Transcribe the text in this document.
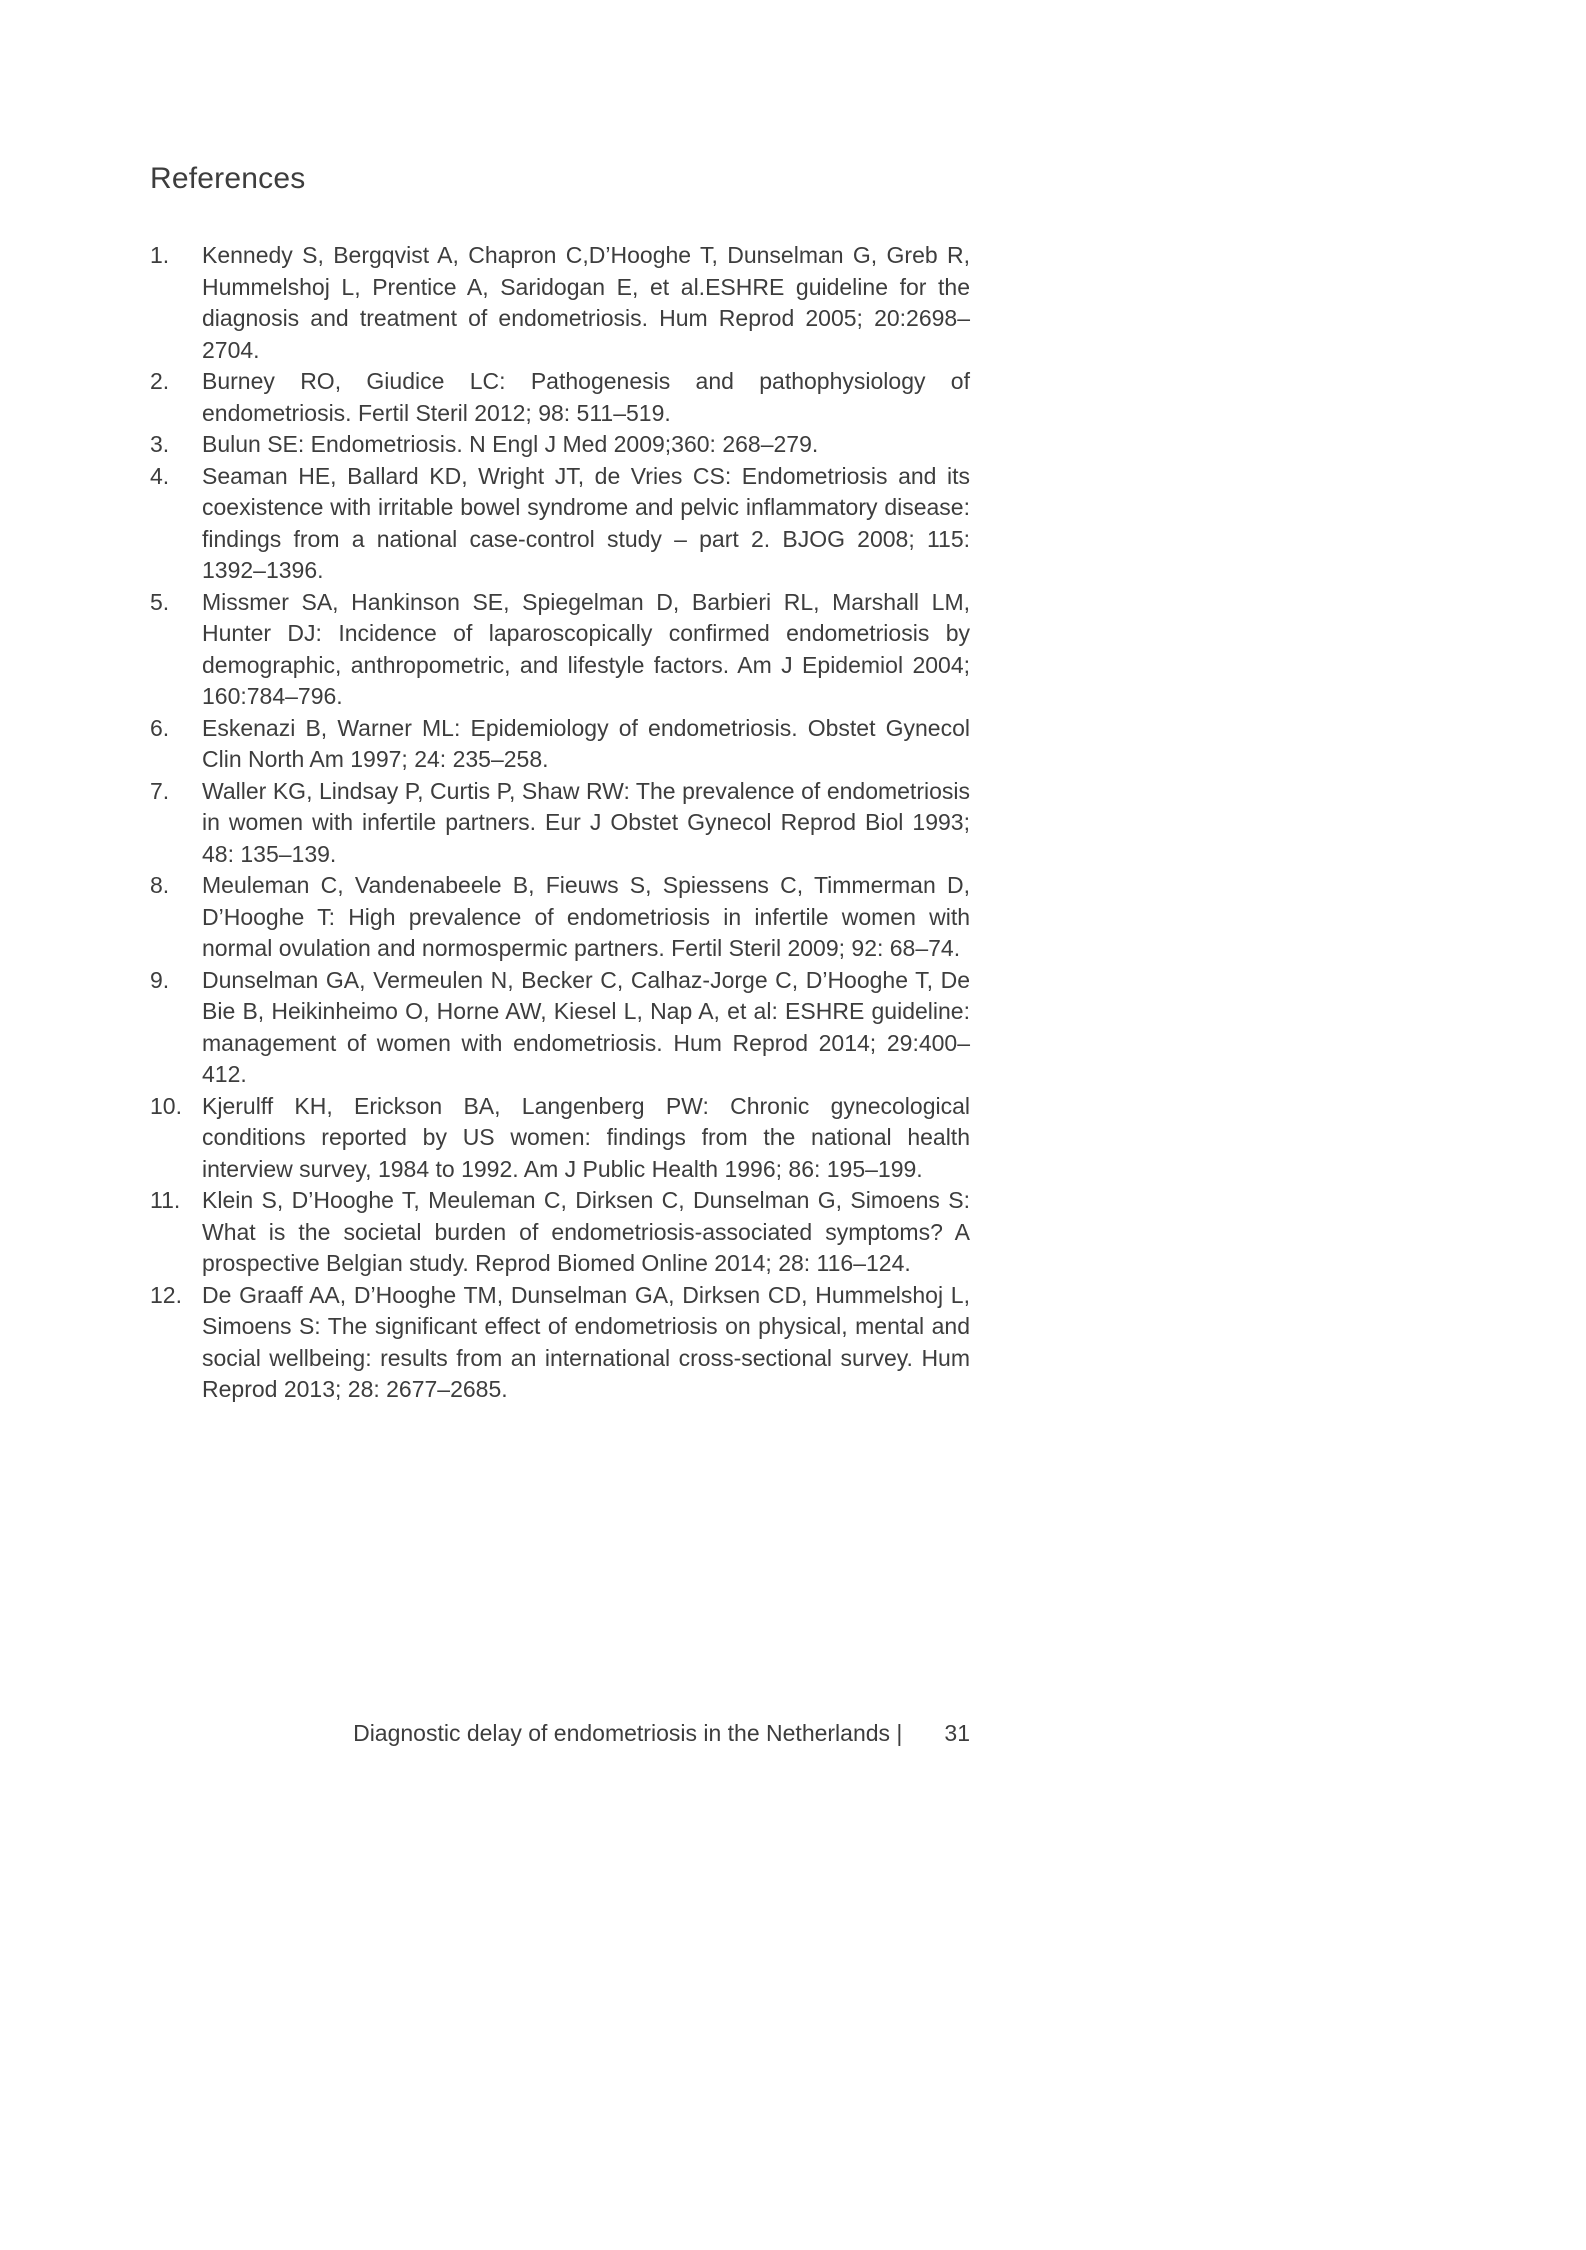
References
1.	Kennedy S, Bergqvist A, Chapron C,D’Hooghe T, Dunselman G, Greb R, Hummelshoj L, Prentice A, Saridogan E, et al.ESHRE guideline for the diagnosis and treatment of endometriosis. Hum Reprod 2005; 20:2698–2704.
2.	Burney RO, Giudice LC: Pathogenesis and pathophysiology of endometriosis. Fertil Steril 2012; 98: 511–519.
3.	Bulun SE: Endometriosis. N Engl J Med 2009;360: 268–279.
4.	Seaman HE, Ballard KD, Wright JT, de Vries CS: Endometriosis and its coexistence with irritable bowel syndrome and pelvic inflammatory disease: findings from a national case-control study – part 2. BJOG 2008; 115: 1392–1396.
5.	Missmer SA, Hankinson SE, Spiegelman D, Barbieri RL, Marshall LM, Hunter DJ: Incidence of laparoscopically confirmed endometriosis by demographic, anthropometric, and lifestyle factors. Am J Epidemiol 2004; 160:784–796.
6.	Eskenazi B, Warner ML: Epidemiology of endometriosis. Obstet Gynecol Clin North Am 1997; 24: 235–258.
7.	Waller KG, Lindsay P, Curtis P, Shaw RW: The prevalence of endometriosis in women with infertile partners. Eur J Obstet Gynecol Reprod Biol 1993; 48: 135–139.
8.	Meuleman C, Vandenabeele B, Fieuws S, Spiessens C, Timmerman D, D’Hooghe T: High prevalence of endometriosis in infertile women with normal ovulation and normospermic partners. Fertil Steril 2009; 92: 68–74.
9.	Dunselman GA, Vermeulen N, Becker C, Calhaz-Jorge C, D’Hooghe T, De Bie B, Heikinheimo O, Horne AW, Kiesel L, Nap A, et al: ESHRE guideline: management of women with endometriosis. Hum Reprod 2014; 29:400–412.
10. Kjerulff KH, Erickson BA, Langenberg PW: Chronic gynecological conditions reported by US women: findings from the national health interview survey, 1984 to 1992. Am J Public Health 1996; 86: 195–199.
11. Klein S, D’Hooghe T, Meuleman C, Dirksen C, Dunselman G, Simoens S: What is the societal burden of endometriosis-associated symptoms? A prospective Belgian study. Reprod Biomed Online 2014; 28: 116–124.
12. De Graaff AA, D’Hooghe TM, Dunselman GA, Dirksen CD, Hummelshoj L, Simoens S: The significant effect of endometriosis on physical, mental and social wellbeing: results from an international cross-sectional survey. Hum Reprod 2013; 28: 2677–2685.
Diagnostic delay of endometriosis in the Netherlands | 31
